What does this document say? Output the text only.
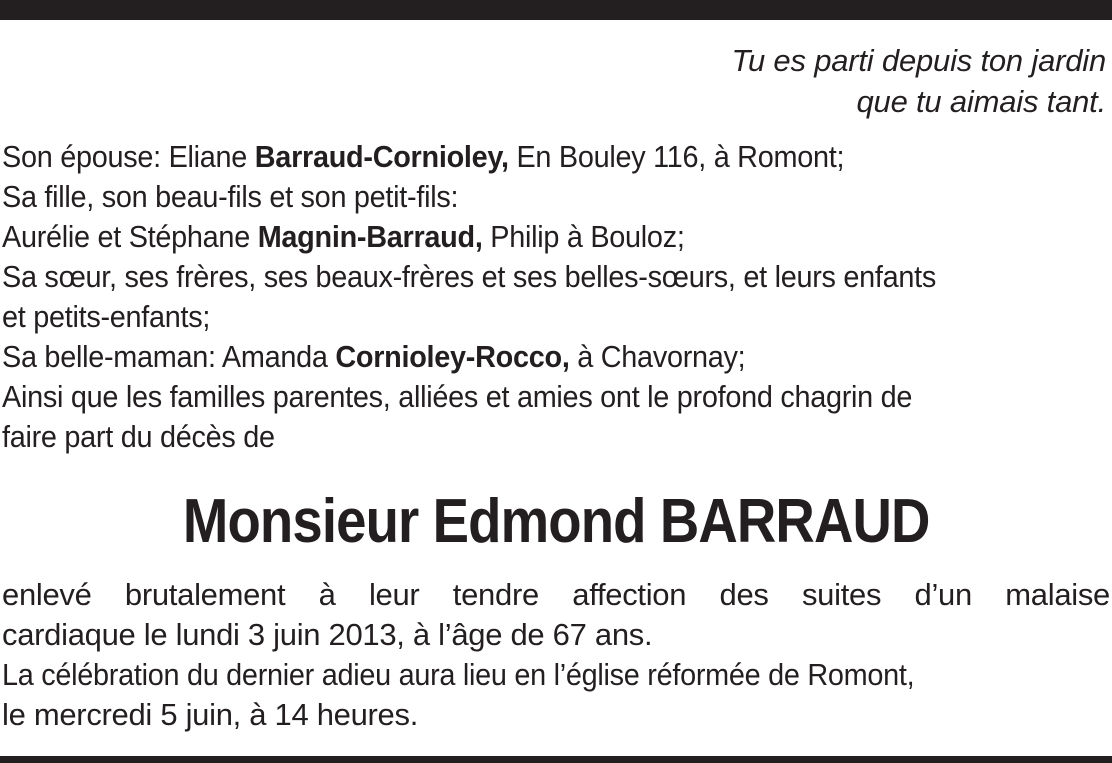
Tu es parti depuis ton jardin
que tu aimais tant.
Son épouse: Eliane Barraud-Cornioley, En Bouley 116, à Romont;
Sa fille, son beau-fils et son petit-fils:
Aurélie et Stéphane Magnin-Barraud, Philip à Bouloz;
Sa sœur, ses frères, ses beaux-frères et ses belles-sœurs, et leurs enfants
et petits-enfants;
Sa belle-maman: Amanda Cornioley-Rocco, à Chavornay;
Ainsi que les familles parentes, alliées et amies ont le profond chagrin de
faire part du décès de
Monsieur Edmond BARRAUD
enlevé brutalement à leur tendre affection des suites d’un malaise
cardiaque le lundi 3 juin 2013, à l’âge de 67 ans.
La célébration du dernier adieu aura lieu en l’église réformée de Romont,
le mercredi 5 juin, à 14 heures.
